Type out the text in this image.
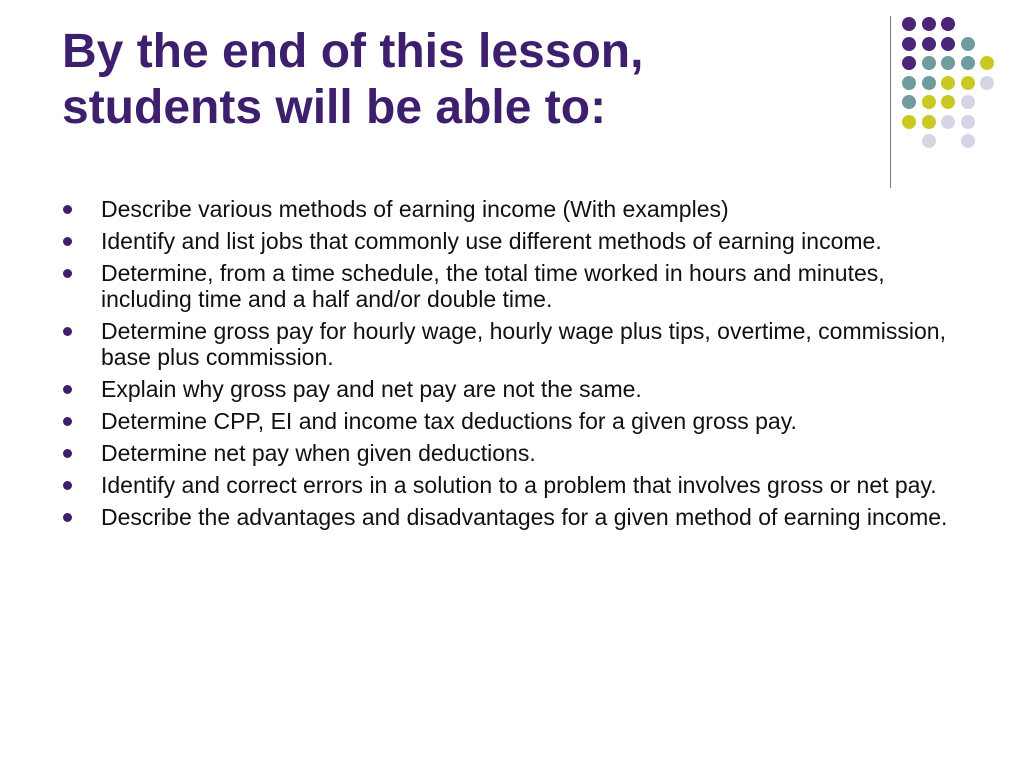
By the end of this lesson,
students will be able to:
Describe various methods of earning income (With examples)
Identify and list jobs that commonly use different methods of earning income.
Determine, from a time schedule, the total time worked in hours and minutes, including time and a half and/or double time.
Determine gross pay for hourly wage, hourly wage plus tips, overtime, commission, base plus commission.
Explain why gross pay and net pay are not the same.
Determine CPP, EI and income tax deductions for a given gross pay.
Determine net pay when given deductions.
Identify and correct errors in a solution to a problem that involves gross or net pay.
Describe the advantages and disadvantages for a given method of earning income.
